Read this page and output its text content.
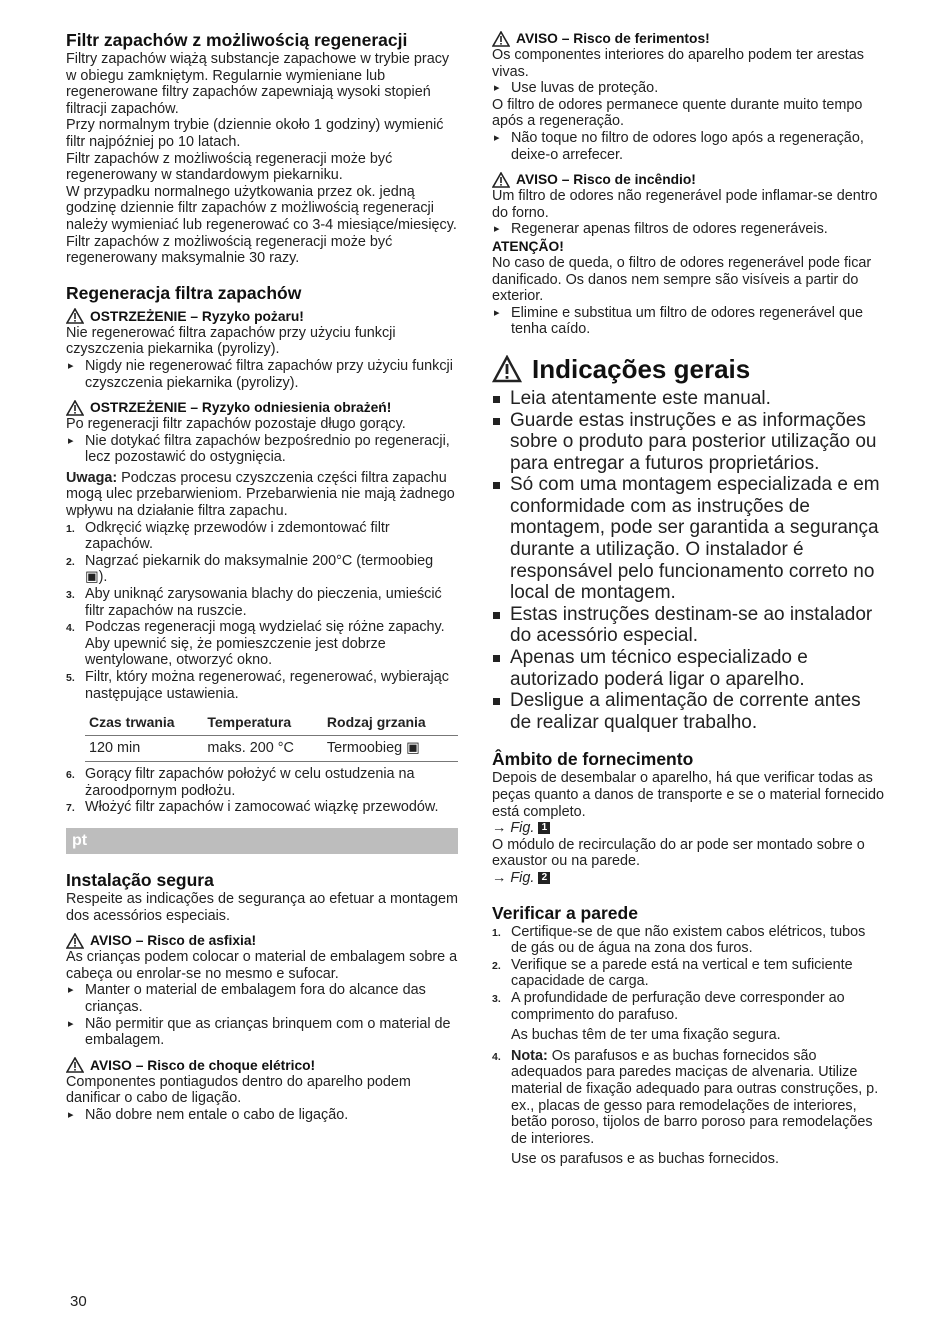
Filtr zapachów z możliwością regeneracji

Filtry zapachów wiążą substancje zapachowe w trybie pracy w obiegu zamkniętym. Regularnie wymieniane lub regenerowane filtry zapachów zapewniają wysoki stopień filtracji zapachów.

Przy normalnym trybie (dziennie około 1 godziny) wymienić filtr najpóźniej po 10 latach.

Filtr zapachów z możliwością regeneracji może być regenerowany w standardowym piekarniku.

W przypadku normalnego użytkowania przez ok. jedną godzinę dziennie filtr zapachów z możliwością regeneracji należy wymieniać lub regenerować co 3-4 miesiące/miesięcy. Filtr zapachów z możliwością regeneracji może być regenerowany maksymalnie 30 razy.

Regeneracja filtra zapachów
OSTRZEŻENIE – Ryzyko pożaru!

Nie regenerować filtra zapachów przy użyciu funkcji czyszczenia piekarnika (pyrolizy).

▸ Nigdy nie regenerować filtra zapachów przy użyciu funkcji czyszczenia piekarnika (pyrolizy).
OSTRZEŻENIE – Ryzyko odniesienia obrażeń!

Po regeneracji filtr zapachów pozostaje długo gorący.

▸ Nie dotykać filtra zapachów bezpośrednio po regeneracji, lecz pozostawić do ostygnięcia.

Uwaga: Podczas procesu czyszczenia części filtra zapachu mogą ulec przebarwieniom. Przebarwienia nie mają żadnego wpływu na działanie filtra zapachu.

1. Odkręcić wiązkę przewodów i zdemontować filtr zapachów.
2. Nagrzać piekarnik do maksymalnie 200°C (termoobieg ▣).
3. Aby uniknąć zarysowania blachy do pieczenia, umieścić filtr zapachów na ruszcie.
4. Podczas regeneracji mogą wydzielać się różne zapachy. Aby upewnić się, że pomieszczenie jest dobrze wentylowane, otworzyć okno.
5. Filtr, który można regenerować, regenerować, wybierając następujące ustawienia.
Czas trwania	Temperatura	Rodzaj grzania
120 min	maks. 200 °C	Termoobieg ▣
6. Gorący filtr zapachów położyć w celu ostudzenia na żaroodpornym podłożu.
7. Włożyć filtr zapachów i zamocować wiązkę przewodów.
pt
Instalação segura

Respeite as indicações de segurança ao efetuar a montagem dos acessórios especiais.

AVISO – Risco de asfixia!

As crianças podem colocar o material de embalagem sobre a cabeça ou enrolar-se no mesmo e sufocar.

▸ Manter o material de embalagem fora do alcance das crianças.
▸ Não permitir que as crianças brinquem com o material de embalagem.
AVISO – Risco de choque elétrico!

Componentes pontiagudos dentro do aparelho podem danificar o cabo de ligação.

▸ Não dobre nem entale o cabo de ligação.
AVISO – Risco de ferimentos!

Os componentes interiores do aparelho podem ter arestas vivas.

▸ Use luvas de proteção.

O filtro de odores permanece quente durante muito tempo após a regeneração.

▸ Não toque no filtro de odores logo após a regeneração, deixe-o arrefecer.
AVISO – Risco de incêndio!

Um filtro de odores não regenerável pode inflamar-se dentro do forno.

▸ Regenerar apenas filtros de odores regeneráveis.
ATENÇÃO!

No caso de queda, o filtro de odores regenerável pode ficar danificado. Os danos nem sempre são visíveis a partir do exterior.

▸ Elimine e substitua um filtro de odores regenerável que tenha caído.
Indicações gerais
Leia atentamente este manual.
Guarde estas instruções e as informações sobre o produto para posterior utilização ou para entregar a futuros proprietários.
Só com uma montagem especializada e em conformidade com as instruções de montagem, pode ser garantida a segurança durante a utilização. O instalador é responsável pelo funcionamento correto no local de montagem.
Estas instruções destinam-se ao instalador do acessório especial.
Apenas um técnico especializado e autorizado poderá ligar o aparelho.
Desligue a alimentação de corrente antes de realizar qualquer trabalho.
Âmbito de fornecimento

Depois de desembalar o aparelho, há que verificar todas as peças quanto a danos de transporte e se o material fornecido está completo.

→ Fig. 1

O módulo de recirculação do ar pode ser montado sobre o exaustor ou na parede.

→ Fig. 2

Verificar a parede
1. Certifique-se de que não existem cabos elétricos, tubos de gás ou de água na zona dos furos.
2. Verifique se a parede está na vertical e tem suficiente capacidade de carga.
3. A profundidade de perfuração deve corresponder ao comprimento do parafuso.

As buchas têm de ter uma fixação segura.

4. Nota: Os parafusos e as buchas fornecidos são adequados para paredes maciças de alvenaria. Utilize material de fixação adequado para outras construções, p. ex., placas de gesso para remodelações de interiores, betão poroso, tijolos de barro poroso para remodelações de interiores.

Use os parafusos e as buchas fornecidos.

30
